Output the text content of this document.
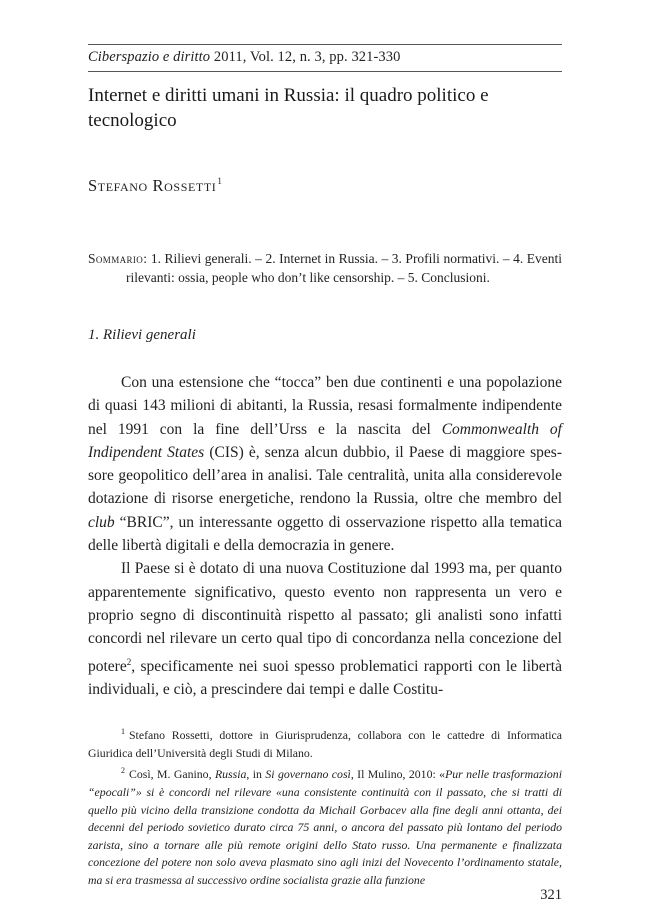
Ciberspazio e diritto 2011, Vol. 12, n. 3, pp. 321-330
Internet e diritti umani in Russia: il quadro politico e tecnologico
Stefano Rossetti$^1$
Sommario: 1. Rilievi generali. – 2. Internet in Russia. – 3. Profili normativi. – 4. Eventi rilevanti: ossia, people who don’t like censorship. – 5. Conclusioni.
1. Rilievi generali

Con una estensione che “tocca” ben due continenti e una popolazione di quasi 143 milioni di abitanti, la Russia, resasi formalmente indipendente nel 1991 con la fine dell’Urss e la nascita del Commonwealth of Indipendent States (CIS) è, senza alcun dubbio, il Paese di maggiore spessore geopolitico dell’area in analisi. Tale centralità, unita alla considerevole dotazione di risorse energetiche, rendono la Russia, oltre che membro del club “BRIC”, un interessante oggetto di osservazione rispetto alla tematica delle libertà digitali e della democrazia in genere.

Il Paese si è dotato di una nuova Costituzione dal 1993 ma, per quanto apparentemente significativo, questo evento non rappresenta un vero e proprio segno di discontinuità rispetto al passato; gli analisti sono infatti concordi nel rilevare un certo qual tipo di concordanza nella concezione del potere$^2$, specificamente nei suoi spesso problematici rapporti con le libertà individuali, e ciò, a prescindere dai tempi e dalle Costitu-

$^1$ Stefano Rossetti, dottore in Giurisprudenza, collabora con le cattedre di Informatica Giuridica dell’Università degli Studi di Milano.

$^2$ Così, M. Ganino, Russia, in Si governano così, Il Mulino, 2010: «Pur nelle trasformazioni “epocali”» si è concordi nel rilevare «una consistente continuità con il passato, che si tratti di quello più vicino della transizione condotta da Michail Gorbacev alla fine degli anni ottanta, dei decenni del periodo sovietico durato circa 75 anni, o ancora del passato più lontano del periodo zarista, sino a tornare alle più remote origini dello Stato russo. Una permanente e finalizzata concezione del potere non solo aveva plasmato sino agli inizi del Novecento l’ordinamento statale, ma si era trasmessa al successivo ordine socialista grazie alla funzione

321
